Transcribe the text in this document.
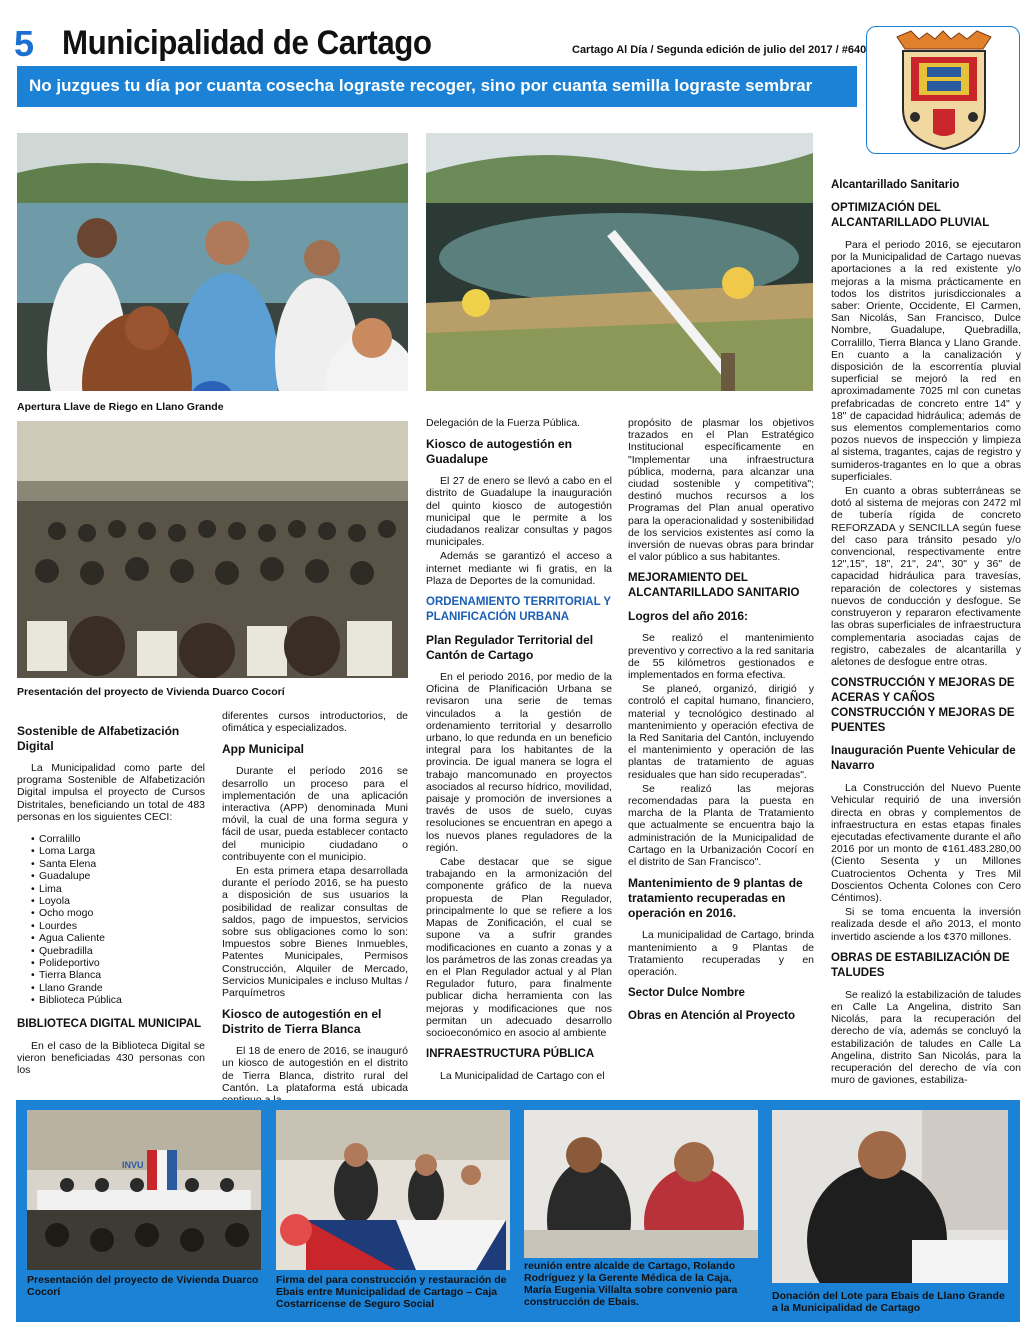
5 Municipalidad de Cartago	Cartago Al Día / Segunda edición de julio del 2017 / #640
No juzgues tu día por cuanta cosecha lograste recoger, sino por cuanta semilla lograste sembrar
Apertura Llave de Riego en Llano Grande
Presentación del proyecto de Vivienda Duarco Cocorí
Sostenible de Alfabetización Digital

La Municipalidad como parte del programa Sostenible de Alfabetización Digital impulsa el proyecto de Cursos Distritales, beneficiando un total de 483 personas en los siguientes CECI:

• Corralillo
• Loma Larga
• Santa Elena
• Guadalupe
• Lima
• Loyola
• Ocho mogo
• Lourdes
• Agua Caliente
• Quebradilla
• Polideportivo
• Tierra Blanca
• Llano Grande
• Biblioteca Pública
BIBLIOTECA DIGITAL MUNICIPAL

En el caso de la Biblioteca Digital se vieron beneficiadas 430 personas con los

diferentes cursos introductorios, de ofimática y especializados.

App Municipal

Durante el período 2016 se desarrollo un proceso para el implementación de una aplicación interactiva (APP) denominada Muni móvil, la cual de una forma segura y fácil de usar, pueda establecer contacto del municipio ciudadano o contribuyente con el municipio.

En esta primera etapa desarrollada durante el período 2016, se ha puesto a disposición de sus usuarios la posibilidad de realizar consultas de saldos, pago de impuestos, servicios sobre sus obligaciones como lo son: Impuestos sobre Bienes Inmuebles, Patentes Municipales, Permisos Construcción, Alquiler de Mercado, Servicios Municipales e incluso Multas / Parquímetros

Kiosco de autogestión en el Distrito de Tierra Blanca

El 18 de enero de 2016, se inauguró un kiosco de autogestión en el distrito de Tierra Blanca, distrito rural del Cantón. La plataforma está ubicada

Delegación de la Fuerza Pública.

Kiosco de autogestión en Guadalupe

El 27 de enero se llevó a cabo en el distrito de Guadalupe la inauguración del quinto kiosco de autogestión municipal que le permite a los ciudadanos realizar consultas y pagos municipales.

Además se garantizó el acceso a internet mediante wi fi gratis, en la Plaza de Deportes de la comunidad.

ORDENAMIENTO TERRITORIAL Y PLANIFICACIÓN URBANA
Plan Regulador Territorial del Cantón de Cartago

En el periodo 2016, por medio de la Oficina de Planificación Urbana se revisaron una serie de temas vinculados a la gestión de ordenamiento territorial y desarrollo urbano, lo que redunda en un beneficio integral para los habitantes de la provincia. De igual manera se logra el trabajo mancomunado en proyectos asociados al recurso hídrico, movilidad, paisaje y promoción de inversiones a través de usos de suelo, cuyas resoluciones se encuentran en apego a los nuevos planes reguladores de la región.

Cabe destacar que se sigue trabajando en la armonización del componente gráfico de la nueva propuesta de Plan Regulador, principalmente lo que se refiere a los Mapas de Zonificación, el cual se supone va a sufrir grandes modificaciones en cuanto a zonas y a los parámetros de las zonas creadas ya en el Plan Regulador actual y al Plan Regulador futuro, para finalmente publicar dicha herramienta con las mejoras y modificaciones que nos permitan un adecuado desarrollo socioeconómico en asocio al ambiente

INFRAESTRUCTURA PÚBLICA

La Municipalidad de Cartago con el

propósito de plasmar los objetivos trazados en el Plan Estratégico Institucional específicamente en "Implementar una infraestructura pública, moderna, para alcanzar una ciudad sostenible y competitiva"; destinó muchos recursos a los Programas del Plan anual operativo para la operacionalidad y sostenibilidad de los servicios existentes así como la inversión de nuevas obras para brindar el valor público a sus habitantes.

MEJORAMIENTO DEL ALCANTARILLADO SANITARIO
Logros del año 2016:

Se realizó el mantenimiento preventivo y correctivo a la red sanitaria de 55 kilómetros gestionados e implementados en forma efectiva.

Se planeó, organizó, dirigió y controló el capital humano, financiero, material y tecnológico destinado al mantenimiento y operación efectiva de la Red Sanitaria del Cantón, incluyendo el mantenimiento y operación de las plantas de tratamiento de aguas residuales que han sido recuperadas".

Se realizó las mejoras recomendadas para la puesta en marcha de la Planta de Tratamiento que actualmente se encuentra bajo la administración de la Municipalidad de Cartago en la Urbanización Cocorí en el distrito de San Francisco".

Mantenimiento de 9 plantas de tratamiento recuperadas en operación en 2016.

La municipalidad de Cartago, brinda mantenimiento a 9 Plantas de Tratamiento recuperadas y en operación.

Sector Dulce Nombre
Obras en Atención al Proyecto
Alcantarillado Sanitario
OPTIMIZACIÓN DEL ALCANTARILLADO PLUVIAL

Para el periodo 2016, se ejecutaron por la Municipalidad de Cartago nuevas aportaciones a la red existente y/o mejoras a la misma prácticamente en todos los distritos jurisdiccionales a saber: Oriente, Occidente, El Carmen, San Nicolás, San Francisco, Dulce Nombre, Guadalupe, Quebradilla, Corralillo, Tierra Blanca y Llano Grande. En cuanto a la canalización y disposición de la escorrentía pluvial superficial se mejoró la red en aproximadamente 7025 ml con cunetas prefabricadas de concreto entre 14" y 18" de capacidad hidráulica; además de sus elementos complementarios como pozos nuevos de inspección y limpieza al sistema, tragantes, cajas de registro y sumideros-tragantes en lo que a obras superficiales.

En cuanto a obras subterráneas se dotó al sistema de mejoras con 2472 ml de tubería rígida de concreto REFORZADA y SENCILLA según fuese del caso para tránsito pesado y/o convencional, respectivamente entre 12",15", 18", 21", 24", 30" y 36" de capacidad hidráulica para travesías, reparación de colectores y sistemas nuevos de conducción y desfogue. Se construyeron y repararon efectivamente las obras superficiales de infraestructura complementaria asociadas cajas de registro, cabezales de alcantarilla y aletones de desfogue entre otras.

CONSTRUCCIÓN Y MEJORAS DE ACERAS Y CAÑOS CONSTRUCCIÓN Y MEJORAS DE PUENTES
Inauguración Puente Vehicular de Navarro

La Construcción del Nuevo Puente Vehicular requirió de una inversión directa en obras y complementos de infraestructura en estas etapas finales ejecutadas efectivamente durante el año 2016 por un monto de ¢161.483.280,00 (Ciento Sesenta y un Millones Cuatrocientos Ochenta y Tres Mil Doscientos Ochenta Colones con Cero Céntimos).

Si se toma encuenta la inversión realizada desde el año 2013, el monto invertido asciende a los ¢370 millones.

OBRAS DE ESTABILIZACIÓN DE TALUDES

Se realizó la estabilización de taludes en Calle La Angelina, distrito San Nicolás, para la recuperación del derecho de vía, además se concluyó la estabilización de taludes en Calle La Angelina, distrito San Nicolás, para la recuperación del derecho de vía con muro de gaviones, estabiliza-

INVU
Presentación del proyecto de Vivienda Duarco Cocorí
Firma del para construcción y restauración de Ebais entre Municipalidad de Cartago – Caja Costarricense de Seguro Social
reunión entre alcalde de Cartago, Rolando Rodríguez y la Gerente Médica de la Caja, María Eugenia Villalta sobre convenio para construcción de Ebais.	Donación del Lote para Ebais de Llano Grande a la Municipalidad de Cartago
